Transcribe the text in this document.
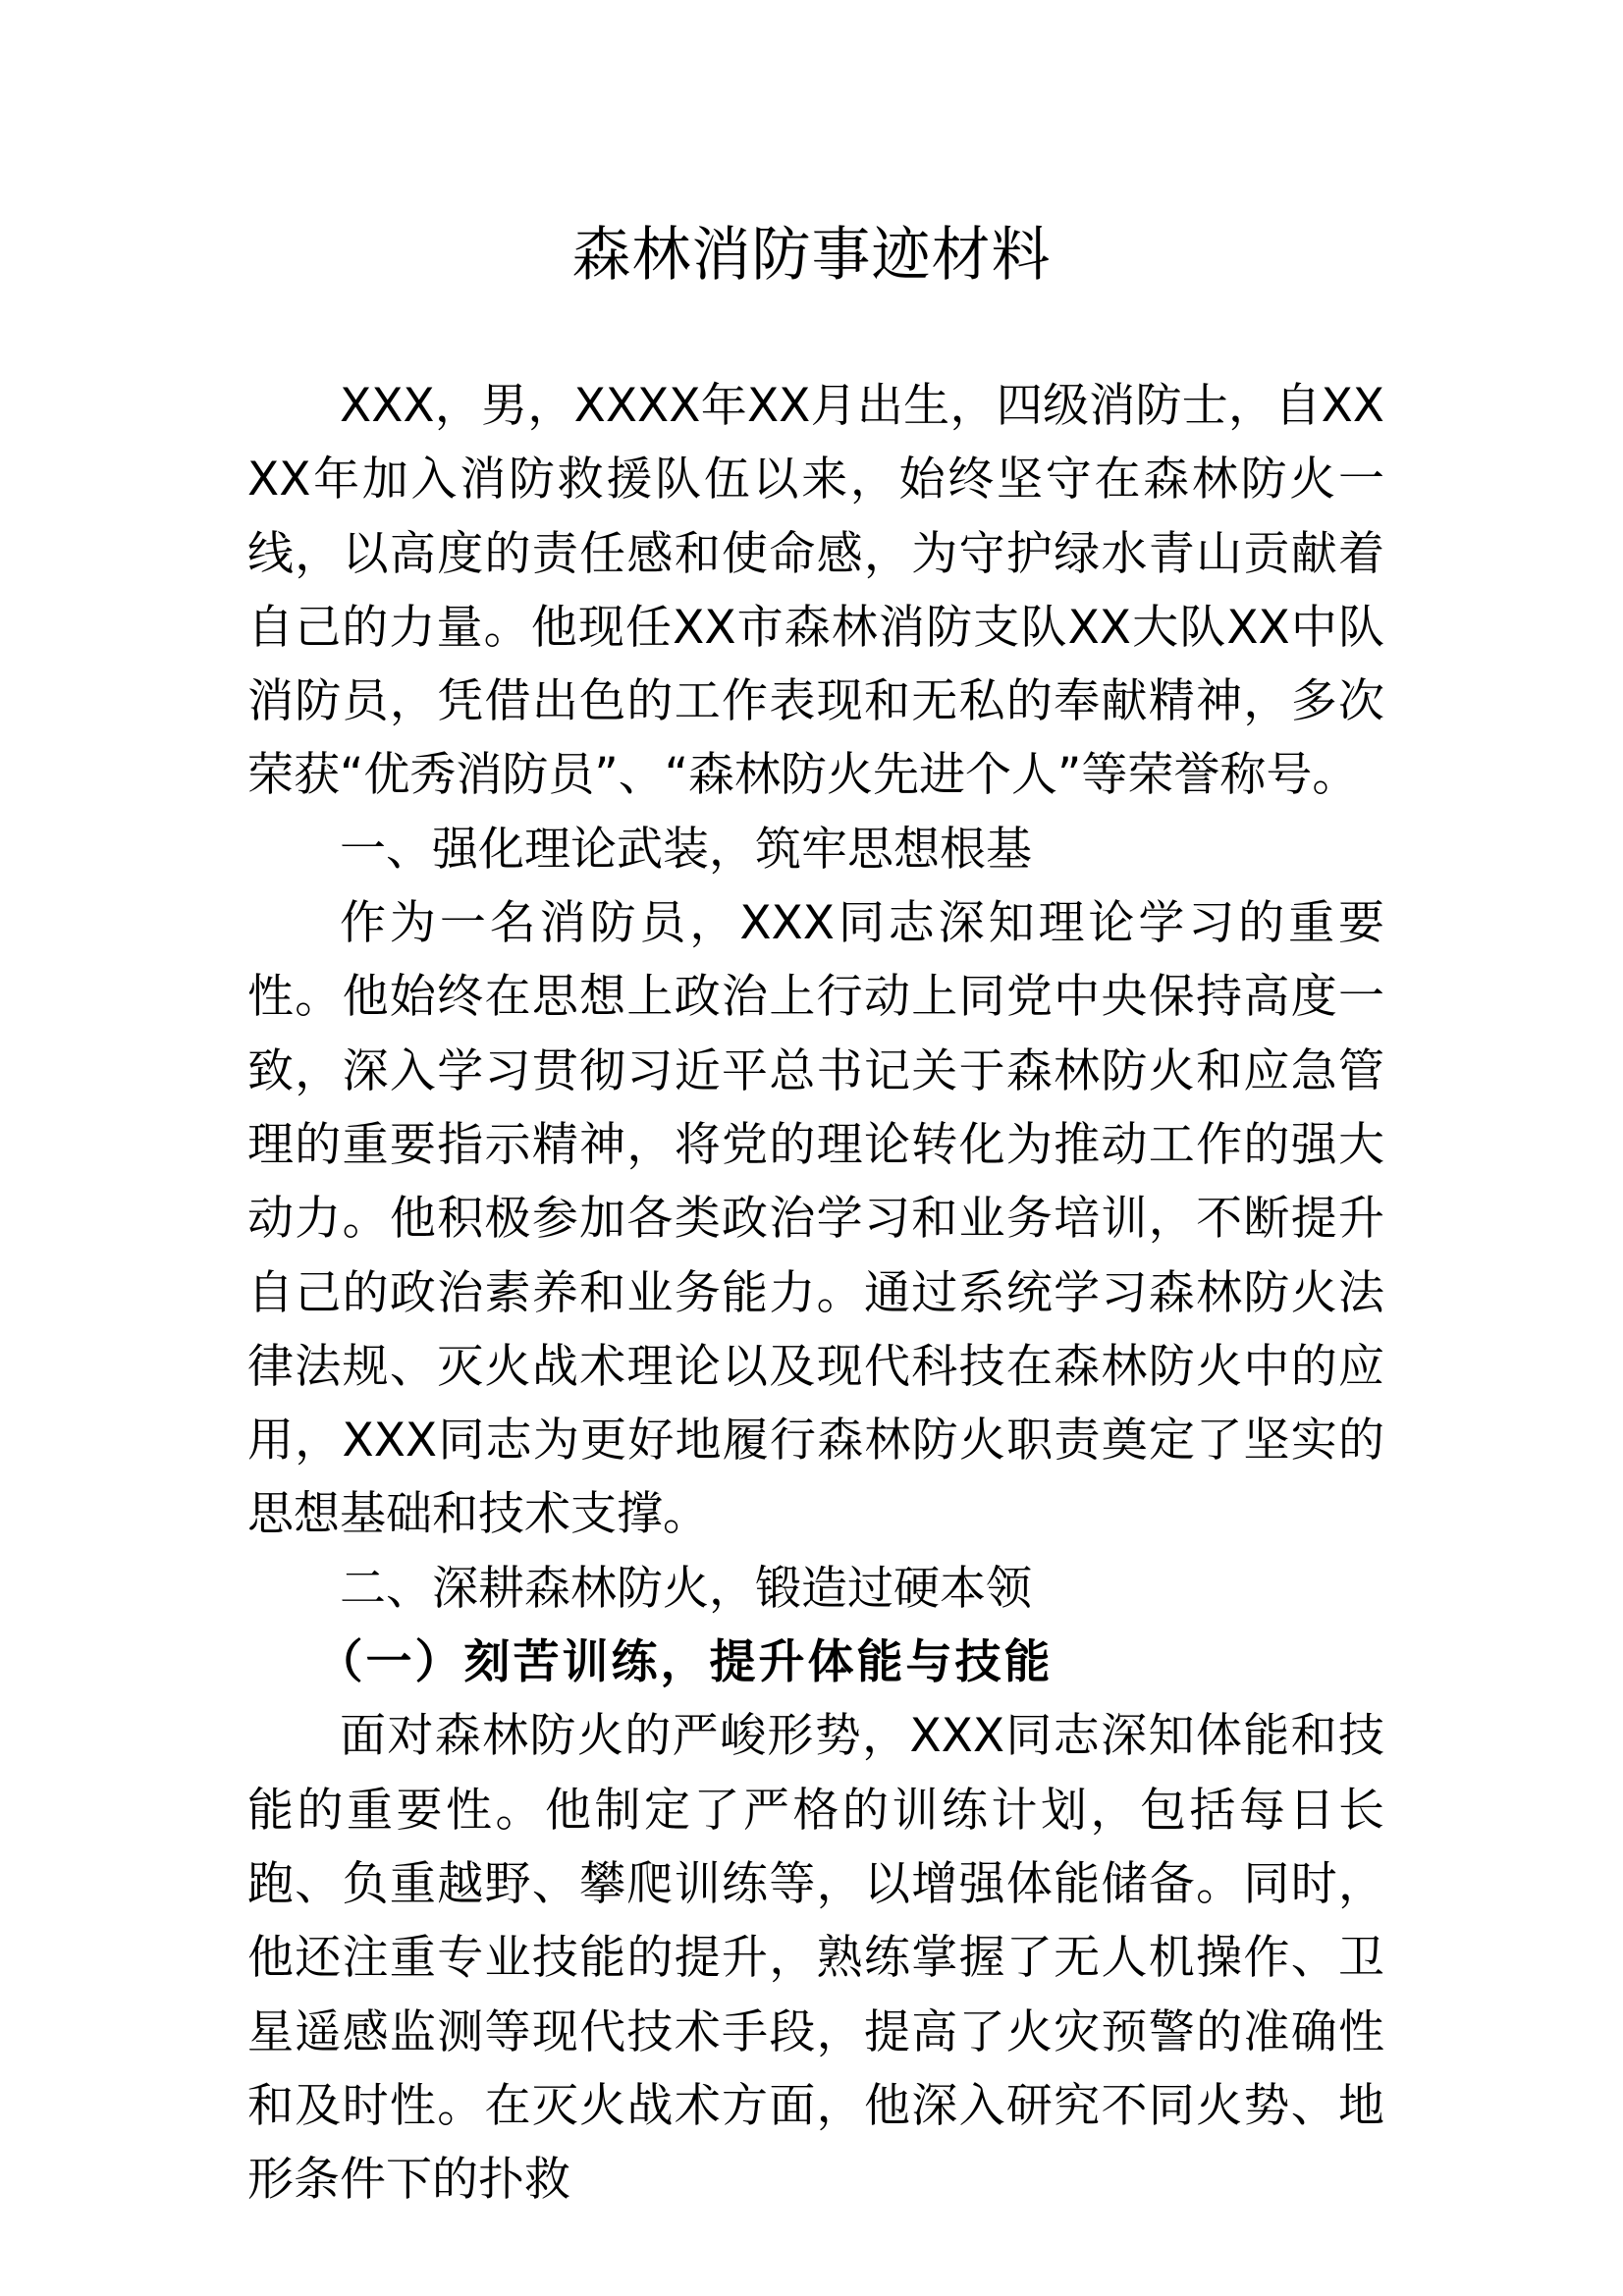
森林消防事迹材料

XXX，男，XXXX年XX月出生，四级消防士，自XXXX年加入消防救援队伍以来，始终坚守在森林防火一线，以高度的责任感和使命感，为守护绿水青山贡献着自己的力量。他现任XX市森林消防支队XX大队XX中队消防员，凭借出色的工作表现和无私的奉献精神，多次荣获“优秀消防员”、“森林防火先进个人”等荣誉称号。

一、强化理论武装，筑牢思想根基

作为一名消防员，XXX同志深知理论学习的重要性。他始终在思想上政治上行动上同党中央保持高度一致，深入学习贯彻习近平总书记关于森林防火和应急管理的重要指示精神，将党的理论转化为推动工作的强大动力。他积极参加各类政治学习和业务培训，不断提升自己的政治素养和业务能力。通过系统学习森林防火法律法规、灭火战术理论以及现代科技在森林防火中的应用，XXX同志为更好地履行森林防火职责奠定了坚实的思想基础和技术支撑。

二、深耕森林防火，锻造过硬本领

（一）刻苦训练，提升体能与技能

面对森林防火的严峻形势，XXX同志深知体能和技能的重要性。他制定了严格的训练计划，包括每日长跑、负重越野、攀爬训练等，以增强体能储备。同时，他还注重专业技能的提升，熟练掌握了无人机操作、卫星遥感监测等现代技术手段，提高了火灾预警的准确性和及时性。在灭火战术方面，他深入研究不同火势、地形条件下的扑救
